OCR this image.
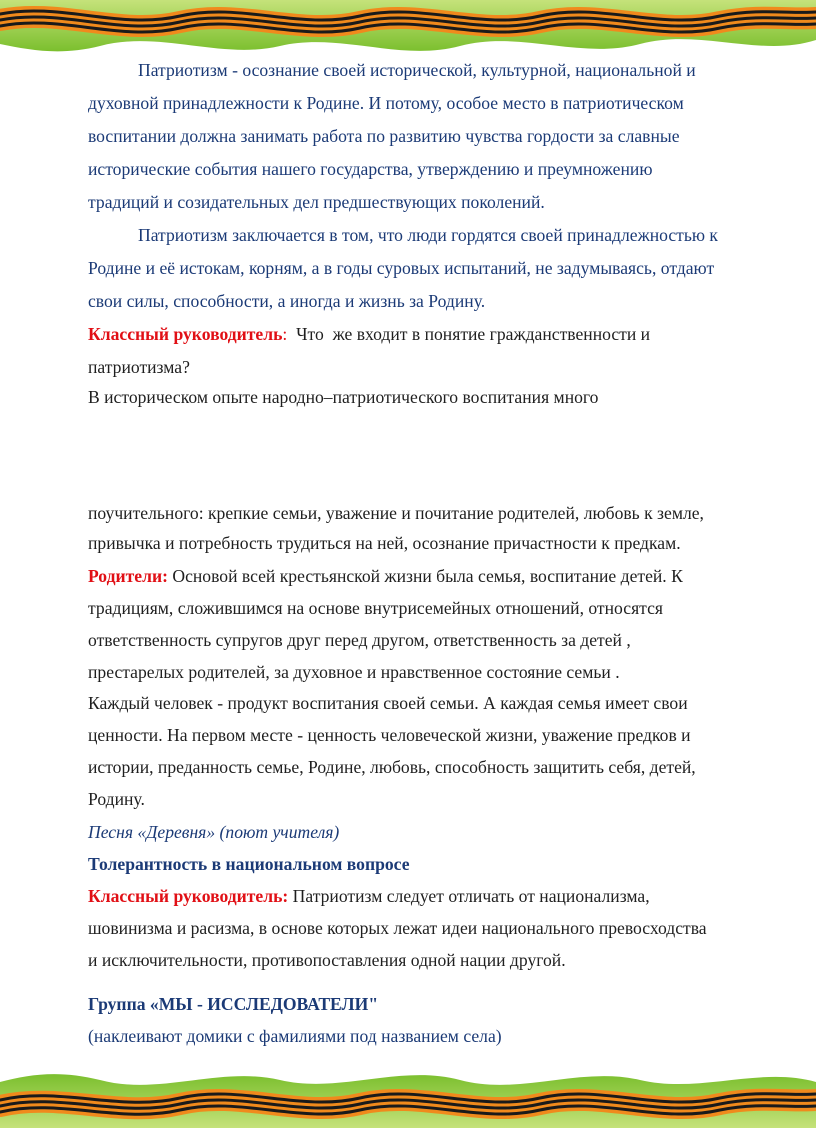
Патриотизм - осознание своей исторической, культурной, национальной и
духовной принадлежности к Родине. И потому, особое место в патриотическом
воспитании должна занимать работа по развитию чувства гордости за славные
исторические события нашего государства, утверждению и преумножению
традиций и созидательных дел предшествующих поколений.
Патриотизм заключается в том, что люди гордятся своей принадлежностью к
Родине и её истокам, корням, а в годы суровых испытаний, не задумываясь, отдают
свои силы, способности, а иногда и жизнь за Родину.
Классный руководитель:  Что  же входит в понятие гражданственности и
патриотизма?
В историческом опыте народно–патриотического воспитания много
поучительного: крепкие семьи, уважение и почитание родителей, любовь к земле,
привычка и потребность трудиться на ней, осознание причастности к предкам.
Родители: Основой всей крестьянской жизни была семья, воспитание детей. К
традициям, сложившимся на основе внутрисемейных отношений, относятся
ответственность супругов друг перед другом, ответственность за детей ,
престарелых родителей, за духовное и нравственное состояние семьи .
Каждый человек - продукт воспитания своей семьи. А каждая семья имеет свои
ценности. На первом месте - ценность человеческой жизни, уважение предков и
истории, преданность семье, Родине, любовь, способность защитить себя, детей,
Родину.
Песня «Деревня» (поют учителя)
Толерантность в национальном вопросе
Классный руководитель: Патриотизм следует отличать от национализма,
шовинизма и расизма, в основе которых лежат идеи национального превосходства
и исключительности, противопоставления одной нации другой.
Группа «МЫ - ИССЛЕДОВАТЕЛИ"
(наклеивают домики с фамилиями под названием села)
